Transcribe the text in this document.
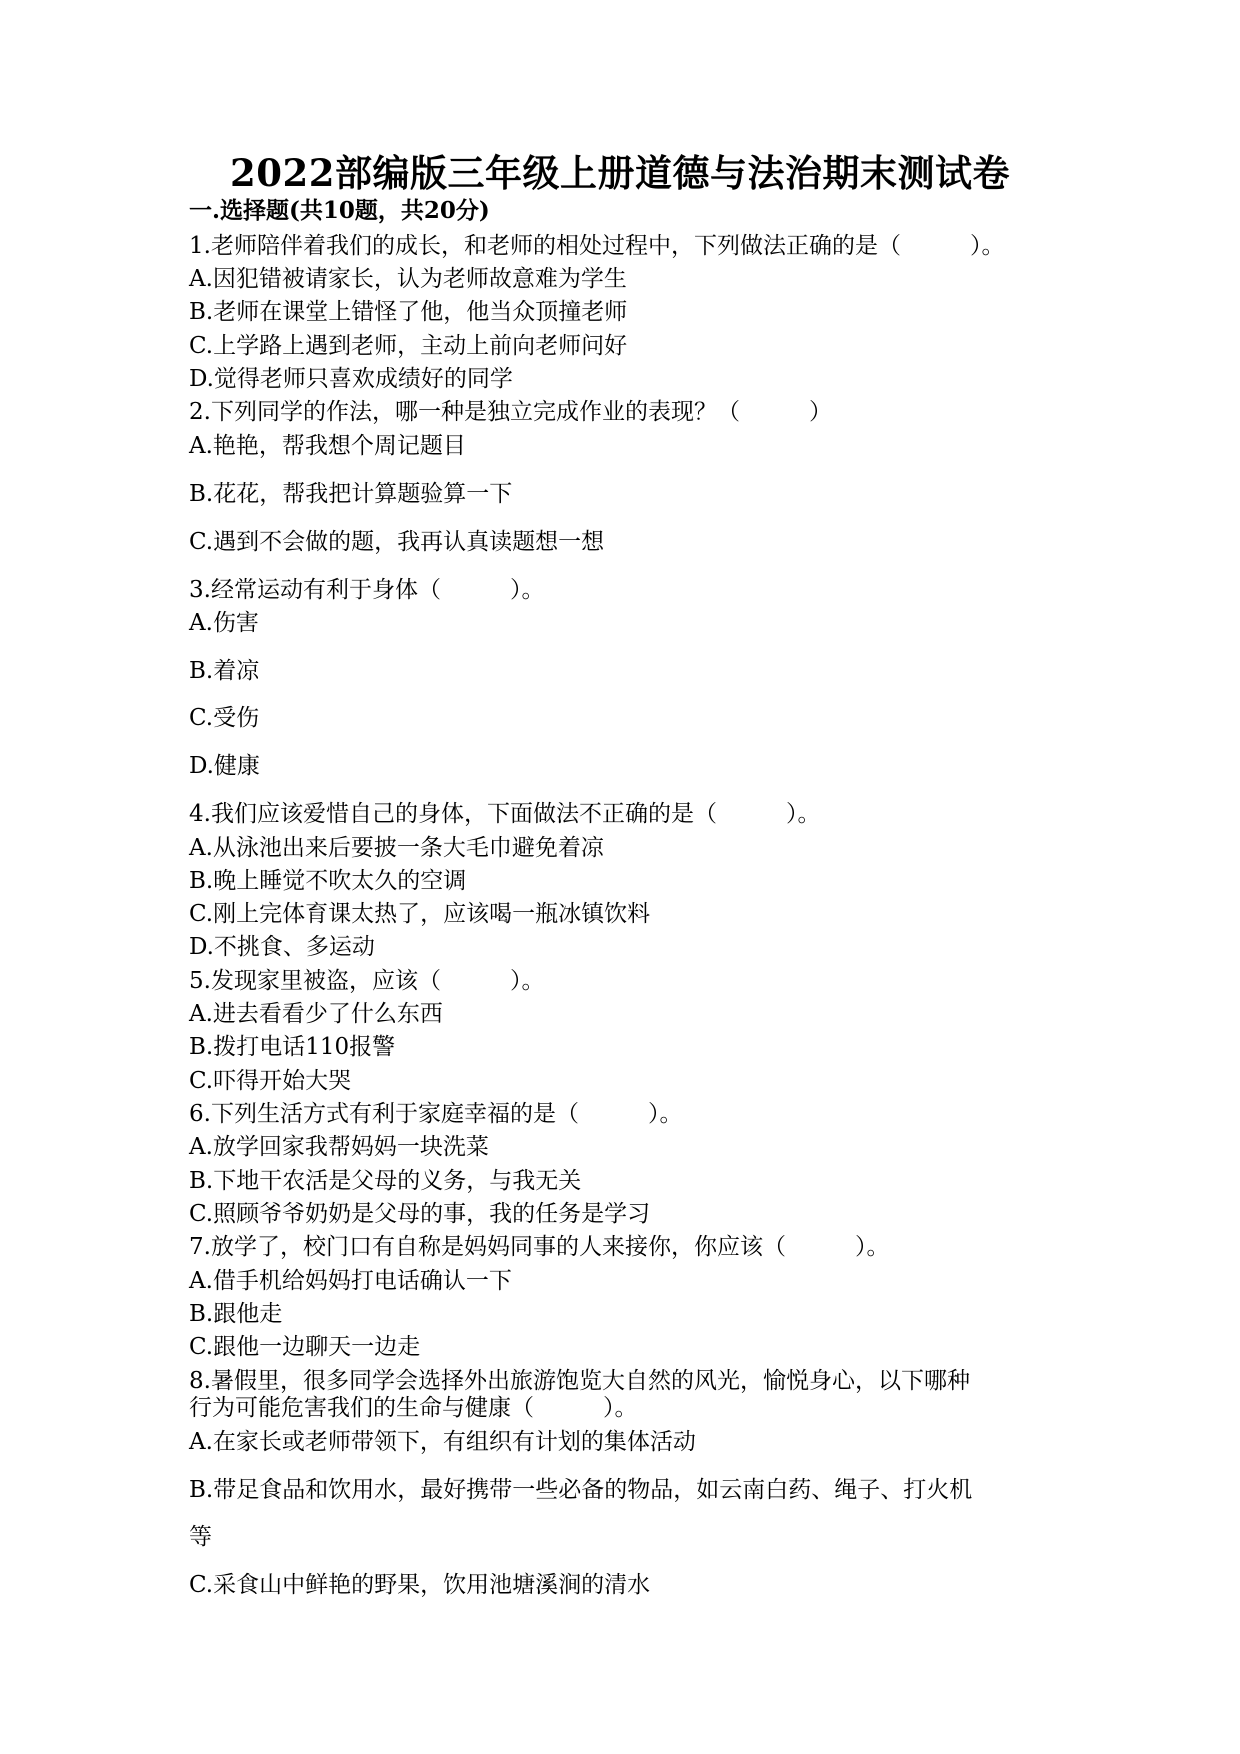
2022部编版三年级上册道德与法治期末测试卷
一.选择题(共10题，共20分)
1.老师陪伴着我们的成长，和老师的相处过程中，下列做法正确的是（　　　）。
A.因犯错被请家长，认为老师故意难为学生
B.老师在课堂上错怪了他，他当众顶撞老师
C.上学路上遇到老师，主动上前向老师问好
D.觉得老师只喜欢成绩好的同学
2.下列同学的作法，哪一种是独立完成作业的表现？（　　　）
A.艳艳，帮我想个周记题目
B.花花，帮我把计算题验算一下
C.遇到不会做的题，我再认真读题想一想
3.经常运动有利于身体（　　　）。
A.伤害
B.着凉
C.受伤
D.健康
4.我们应该爱惜自己的身体，下面做法不正确的是（　　　）。
A.从泳池出来后要披一条大毛巾避免着凉
B.晚上睡觉不吹太久的空调
C.刚上完体育课太热了，应该喝一瓶冰镇饮料
D.不挑食、多运动
5.发现家里被盗，应该（　　　）。
A.进去看看少了什么东西
B.拨打电话110报警
C.吓得开始大哭
6.下列生活方式有利于家庭幸福的是（　　　）。
A.放学回家我帮妈妈一块洗菜
B.下地干农活是父母的义务，与我无关
C.照顾爷爷奶奶是父母的事，我的任务是学习
7.放学了，校门口有自称是妈妈同事的人来接你，你应该（　　　）。
A.借手机给妈妈打电话确认一下
B.跟他走
C.跟他一边聊天一边走
8.暑假里，很多同学会选择外出旅游饱览大自然的风光，愉悦身心，以下哪种
行为可能危害我们的生命与健康（　　　）。
A.在家长或老师带领下，有组织有计划的集体活动
B.带足食品和饮用水，最好携带一些必备的物品，如云南白药、绳子、打火机
等
C.采食山中鲜艳的野果，饮用池塘溪涧的清水
